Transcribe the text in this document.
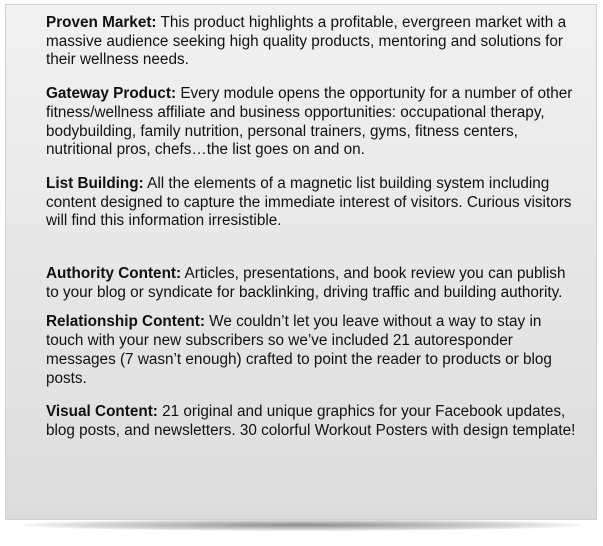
Proven Market: This product highlights a profitable, evergreen market with a massive audience seeking high quality products, mentoring and solutions for their wellness needs.

Gateway Product: Every module opens the opportunity for a number of other fitness/wellness affiliate and business opportunities: occupational therapy, bodybuilding, family nutrition, personal trainers, gyms, fitness centers, nutritional pros, chefs…the list goes on and on.

List Building: All the elements of a magnetic list building system including content designed to capture the immediate interest of visitors. Curious visitors will find this information irresistible.

Authority Content: Articles, presentations, and book review you can publish to your blog or syndicate for backlinking, driving traffic and building authority.

Relationship Content: We couldn’t let you leave without a way to stay in touch with your new subscribers so we’ve included 21 autoresponder messages (7 wasn’t enough) crafted to point the reader to products or blog posts.

Visual Content: 21 original and unique graphics for your Facebook updates, blog posts, and newsletters. 30 colorful Workout Posters with design template!
